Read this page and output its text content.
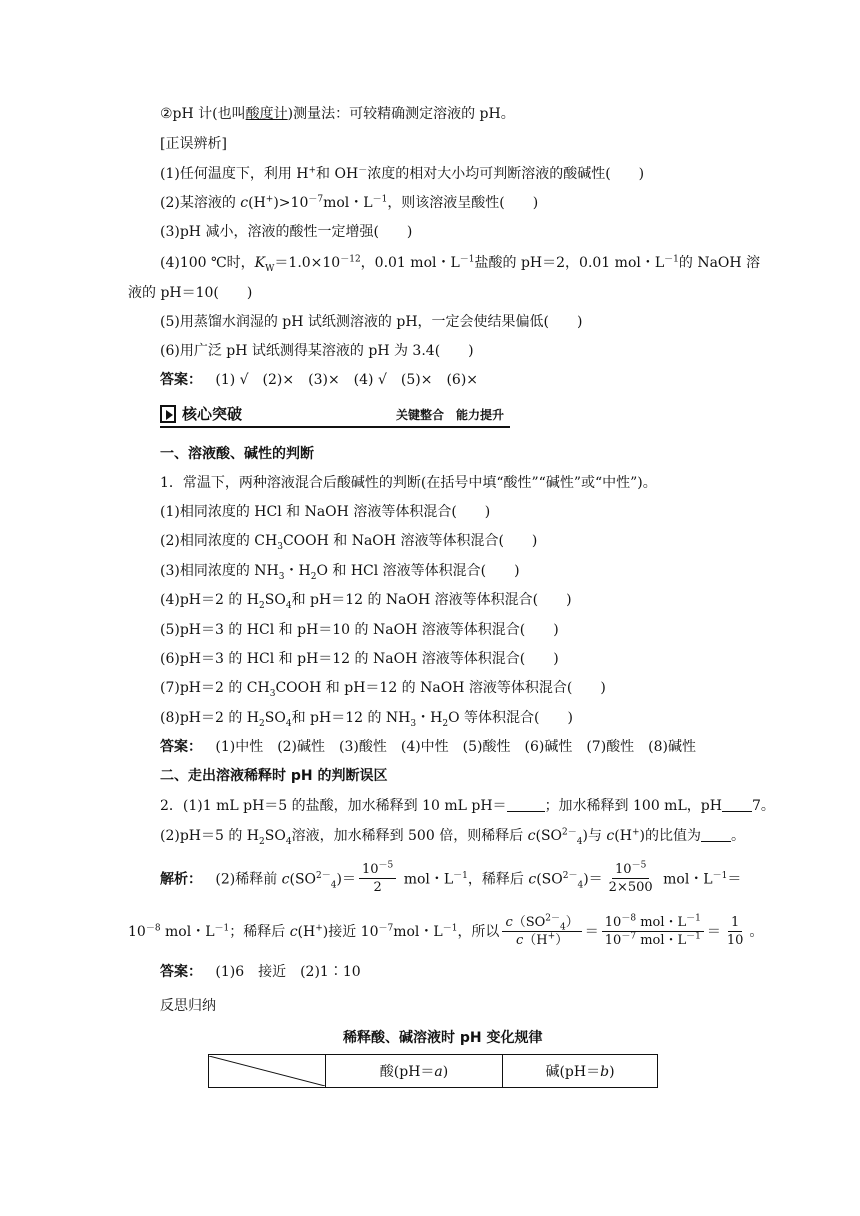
②pH 计(也叫酸度计)测量法：可较精确测定溶液的 pH。
[正误辨析]
(1)任何温度下，利用 H+和 OH－浓度的相对大小均可判断溶液的酸碱性(　　)
(2)某溶液的 $c(H^+)>10^{-7}mol$・$L^{-1}$，则该溶液呈酸性(　　)
(3)pH 减小，溶液的酸性一定增强(　　)
(4)100 ℃时，$K_W=1.0\times 10^{-12}$，0.01 mol・$L^{-1}$盐酸的 pH＝2，0.01 mol・$L^{-1}$的 NaOH 溶
液的 pH＝10(　　)
(5)用蒸馏水润湿的 pH 试纸测溶液的 pH，一定会使结果偏低(　　)
(6)用广泛 pH 试纸测得某溶液的 pH 为 3.4(　　)
答案： (1) √　(2)×　(3)×　(4) √　(5)×　(6)×
核心突破	关键整合　能力提升
一、溶液酸、碱性的判断
1．常温下，两种溶液混合后酸碱性的判断(在括号中填“酸性”“碱性”或“中性”)。
(1)相同浓度的 HCl 和 NaOH 溶液等体积混合(　　)
(2)相同浓度的 $CH_3COOH$ 和 NaOH 溶液等体积混合(　　)
(3)相同浓度的 $NH_3$・$H_2O$ 和 HCl 溶液等体积混合(　　)
(4)pH＝2 的 $H_2SO_4$和 pH＝12 的 NaOH 溶液等体积混合(　　)
(5)pH＝3 的 HCl 和 pH＝10 的 NaOH 溶液等体积混合(　　)
(6)pH＝3 的 HCl 和 pH＝12 的 NaOH 溶液等体积混合(　　)
(7)pH＝2 的 $CH_3COOH$ 和 pH＝12 的 NaOH 溶液等体积混合(　　)
(8)pH＝2 的 $H_2SO_4$和 pH＝12 的 $NH_3$・$H_2O$ 等体积混合(　　)
答案： (1)中性　(2)碱性　(3)酸性　(4)中性　(5)酸性　(6)碱性　(7)酸性　(8)碱性
二、走出溶液稀释时 pH 的判断误区
2．(1)1 mL pH＝5 的盐酸，加水稀释到 10 mL pH＝	；加水稀释到 100 mL，pH 7。
(2)pH＝5 的 $H_2SO_4$溶液，加水稀释到 500 倍，则稀释后 $c(SO^{2-}_4)$与 c(H+)的比值为 。
解析： (2)稀释前 $c(SO^{2-}_4)= \frac{10^{-5}}{2}$ mol・$L^{-1}$，稀释后 $c(SO^{2-}_4)= \frac{10^{-5}}{2\times 500}$ mol・$L^{-1}=$
$10^{-8}$ mol・$L^{-1}$；稀释后 c(H+)接近 $10^{-7}mol$・$L^{-1}$，所以 $\frac{c(SO^{2-}_4)}{c(H^+)} = \frac{10^{-8} mol・L^{-1}}{10^{-7} mol・L^{-1}} = \frac{1}{10}$ 。
答案： (1)6　接近　(2)1∶10
反思归纳
稀释酸、碱溶液时 pH 变化规律
	酸(pH＝a)	碱(pH＝b)
